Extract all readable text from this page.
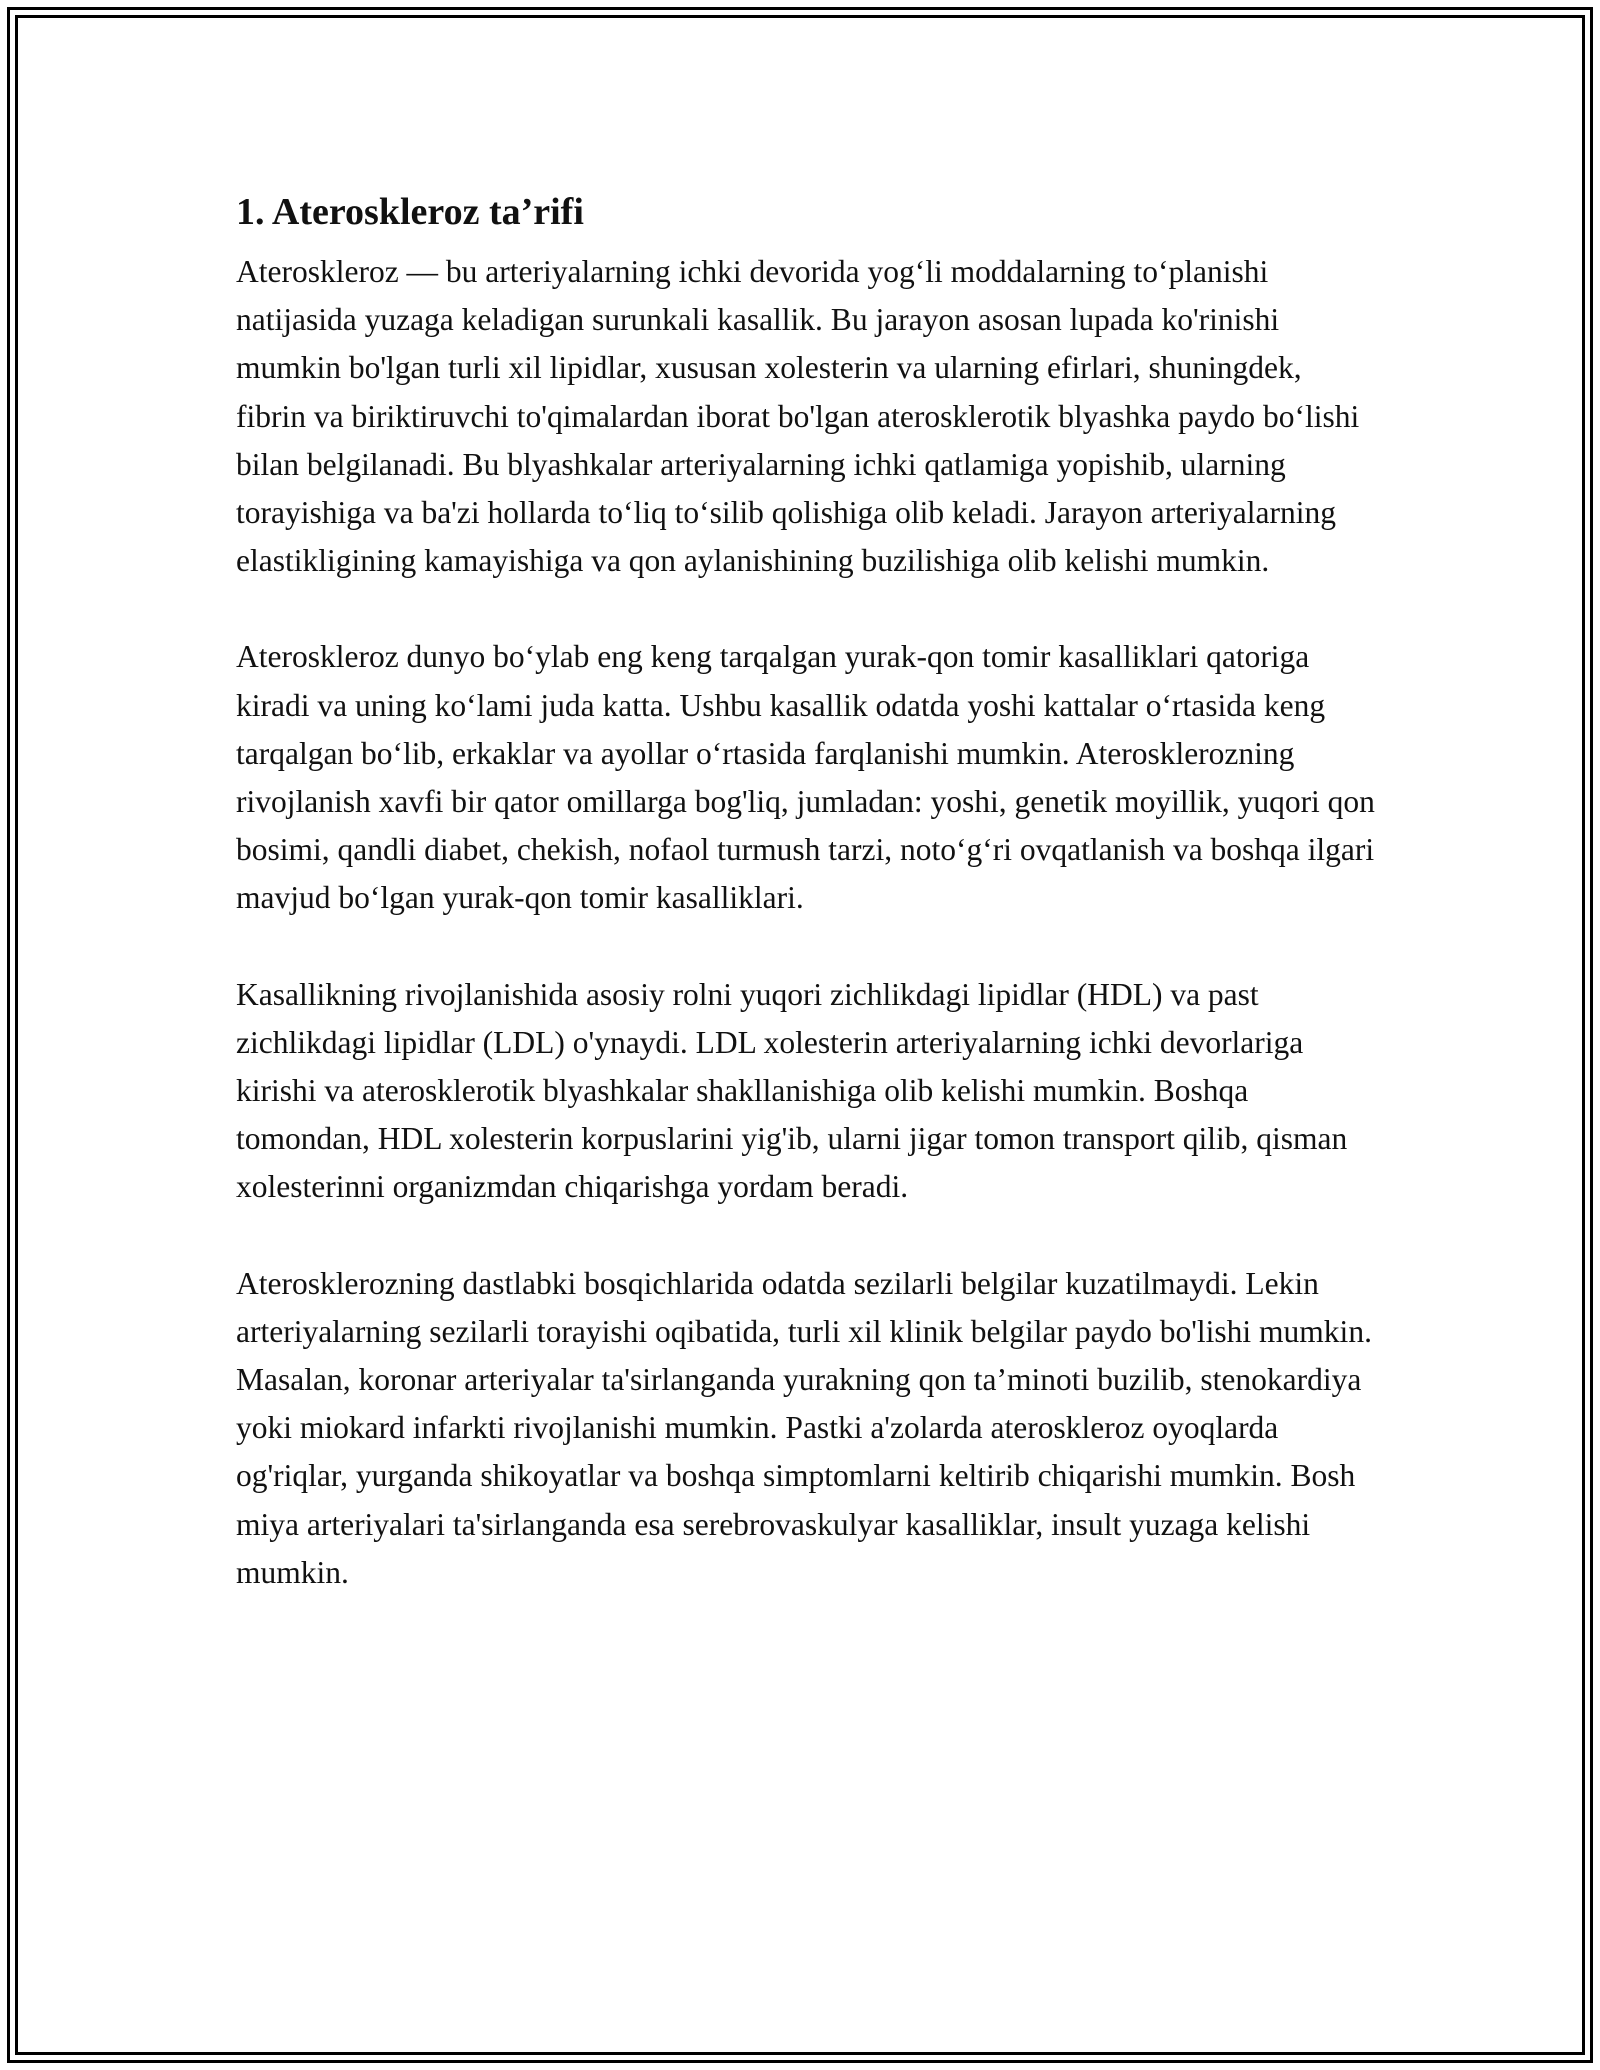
1. Ateroskleroz ta’rifi

Ateroskleroz — bu arteriyalarning ichki devorida yog‘li moddalarning to‘planishi natijasida yuzaga keladigan surunkali kasallik. Bu jarayon asosan lupada ko'rinishi mumkin bo'lgan turli xil lipidlar, xususan xolesterin va ularning efirlari, shuningdek, fibrin va biriktiruvchi to'qimalardan iborat bo'lgan aterosklerotik blyashka paydo bo‘lishi bilan belgilanadi. Bu blyashkalar arteriyalarning ichki qatlamiga yopishib, ularning torayishiga va ba'zi hollarda to‘liq to‘silib qolishiga olib keladi. Jarayon arteriyalarning elastikligining kamayishiga va qon aylanishining buzilishiga olib kelishi mumkin.

Ateroskleroz dunyo bo‘ylab eng keng tarqalgan yurak-qon tomir kasalliklari qatoriga kiradi va uning ko‘lami juda katta. Ushbu kasallik odatda yoshi kattalar o‘rtasida keng tarqalgan bo‘lib, erkaklar va ayollar o‘rtasida farqlanishi mumkin. Aterosklerozning rivojlanish xavfi bir qator omillarga bog'liq, jumladan: yoshi, genetik moyillik, yuqori qon bosimi, qandli diabet, chekish, nofaol turmush tarzi, noto‘g‘ri ovqatlanish va boshqa ilgari mavjud bo‘lgan yurak-qon tomir kasalliklari.

Kasallikning rivojlanishida asosiy rolni yuqori zichlikdagi lipidlar (HDL) va past zichlikdagi lipidlar (LDL) o'ynaydi. LDL xolesterin arteriyalarning ichki devorlariga kirishi va aterosklerotik blyashkalar shakllanishiga olib kelishi mumkin. Boshqa tomondan, HDL xolesterin korpuslarini yig'ib, ularni jigar tomon transport qilib, qisman xolesterinni organizmdan chiqarishga yordam beradi.

Aterosklerozning dastlabki bosqichlarida odatda sezilarli belgilar kuzatilmaydi. Lekin arteriyalarning sezilarli torayishi oqibatida, turli xil klinik belgilar paydo bo'lishi mumkin. Masalan, koronar arteriyalar ta'sirlanganda yurakning qon ta’minoti buzilib, stenokardiya yoki miokard infarkti rivojlanishi mumkin. Pastki a'zolarda ateroskleroz oyoqlarda og'riqlar, yurganda shikoyatlar va boshqa simptomlarni keltirib chiqarishi mumkin. Bosh miya arteriyalari ta'sirlanganda esa serebrovaskulyar kasalliklar, insult yuzaga kelishi mumkin.
